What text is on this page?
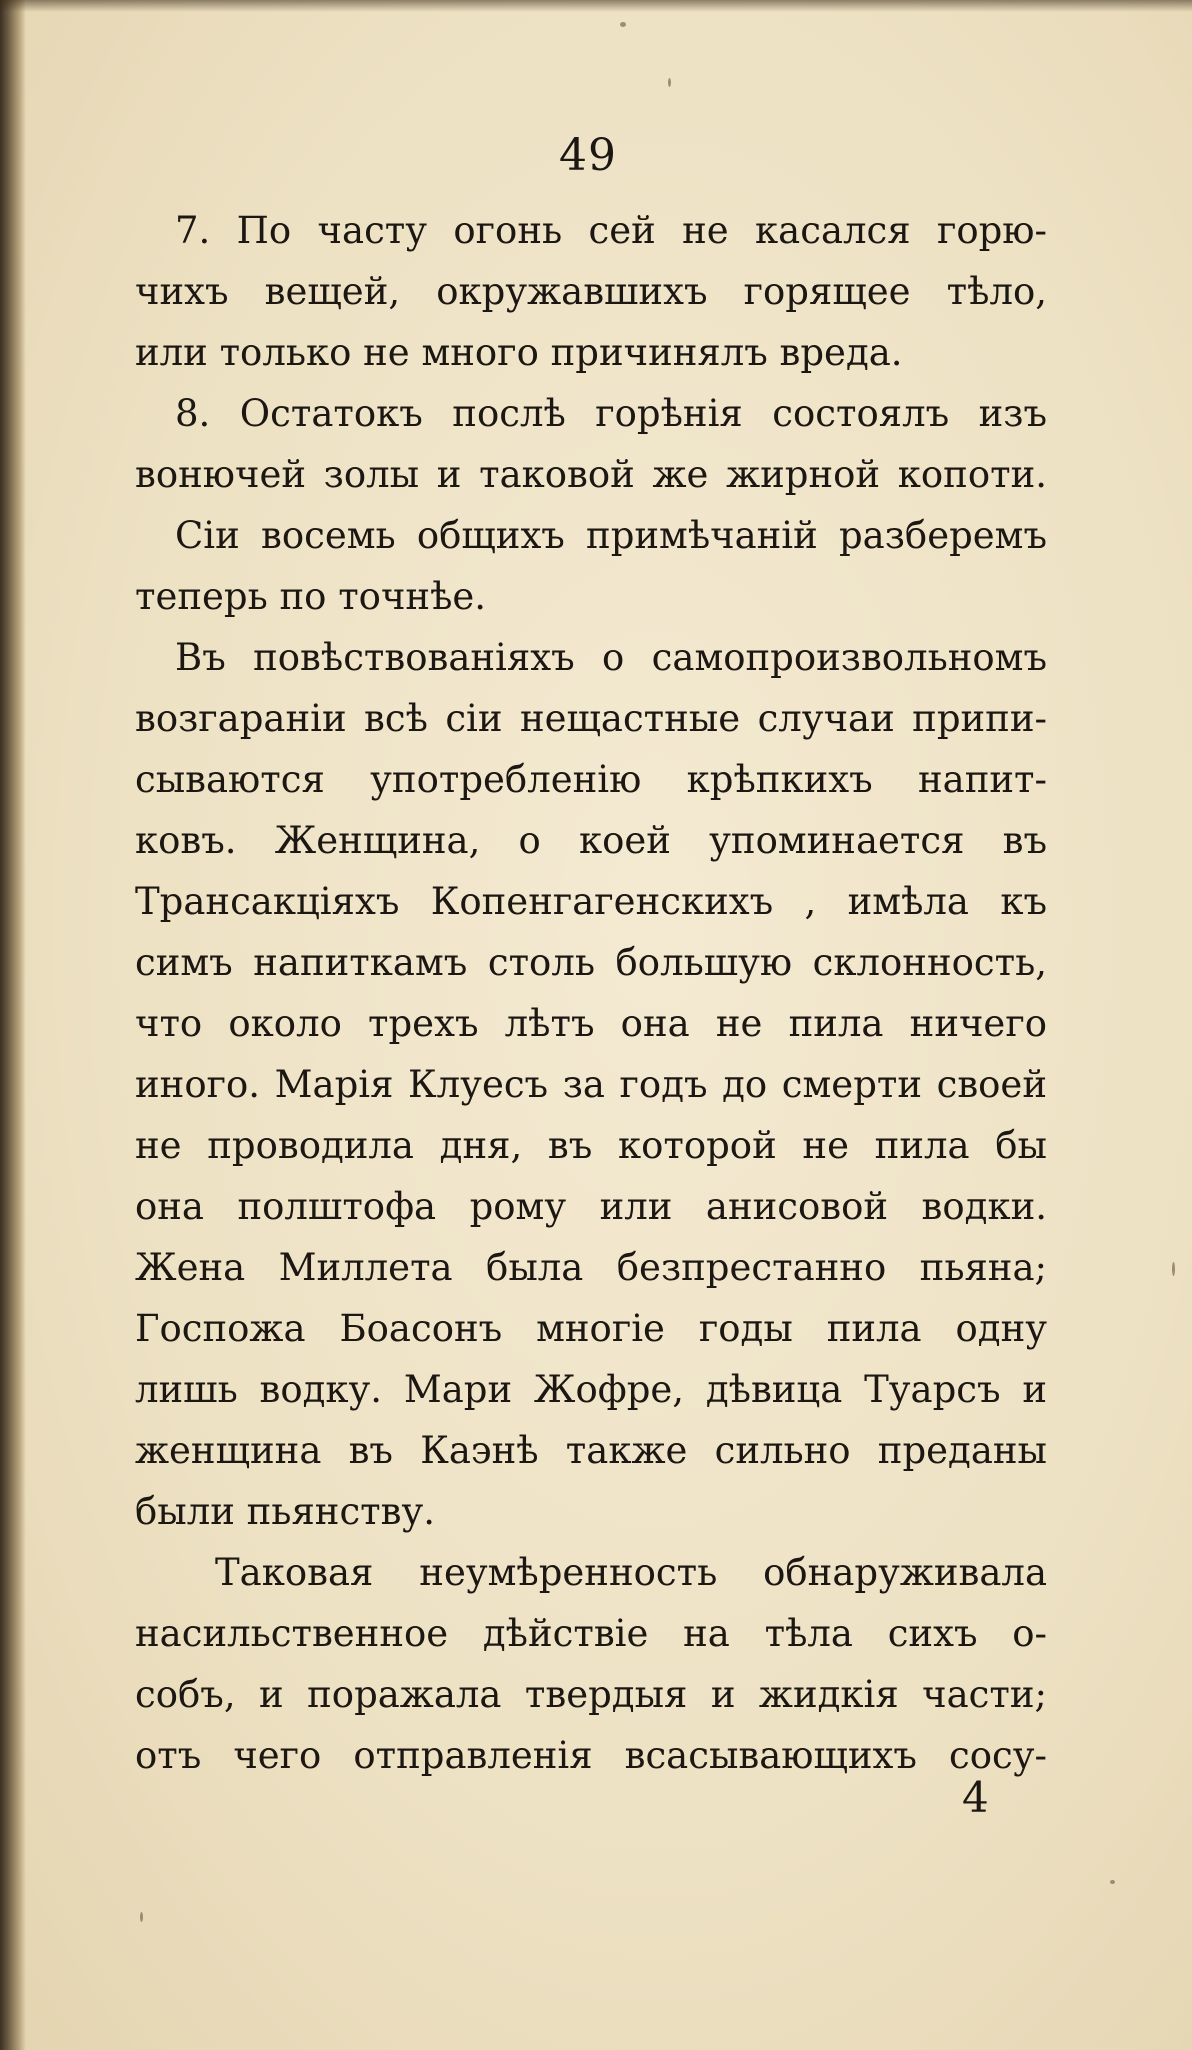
49
7. По часту огонь сей не касался горю-
чихъ вещей, окружавшихъ горящее тѣло,
или только не много причинялъ вреда.
8. Остатокъ послѣ горѣнія состоялъ изъ
вонючей золы и таковой же жирной копоти.
Сіи восемь общихъ примѣчаній разберемъ
теперь по точнѣе.
Въ повѣствованіяхъ о самопроизвольномъ
возгараніи всѣ сіи нещастные случаи припи-
сываются употребленію крѣпкихъ напит-
ковъ. Женщина, о коей упоминается въ
Трансакціяхъ Копенгагенскихъ , имѣла къ
симъ напиткамъ столь большую склонность,
что около трехъ лѣтъ она не пила ничего
иного. Марія Клуесъ за годъ до смерти своей
не проводила дня, въ которой не пила бы
она полштофа рому или анисовой водки.
Жена Миллета была безпрестанно пьяна;
Госпожа Боасонъ многіе годы пила одну
лишь водку. Мари Жофре, дѣвица Туарсъ и
женщина въ Каэнѣ также сильно преданы
были пьянству.
Таковая неумѣренность обнаруживала
насильственное дѣйствіе на тѣла сихъ о-
собъ, и поражала твердыя и жидкія части;
отъ чего отправленія всасывающихъ сосу-
4
